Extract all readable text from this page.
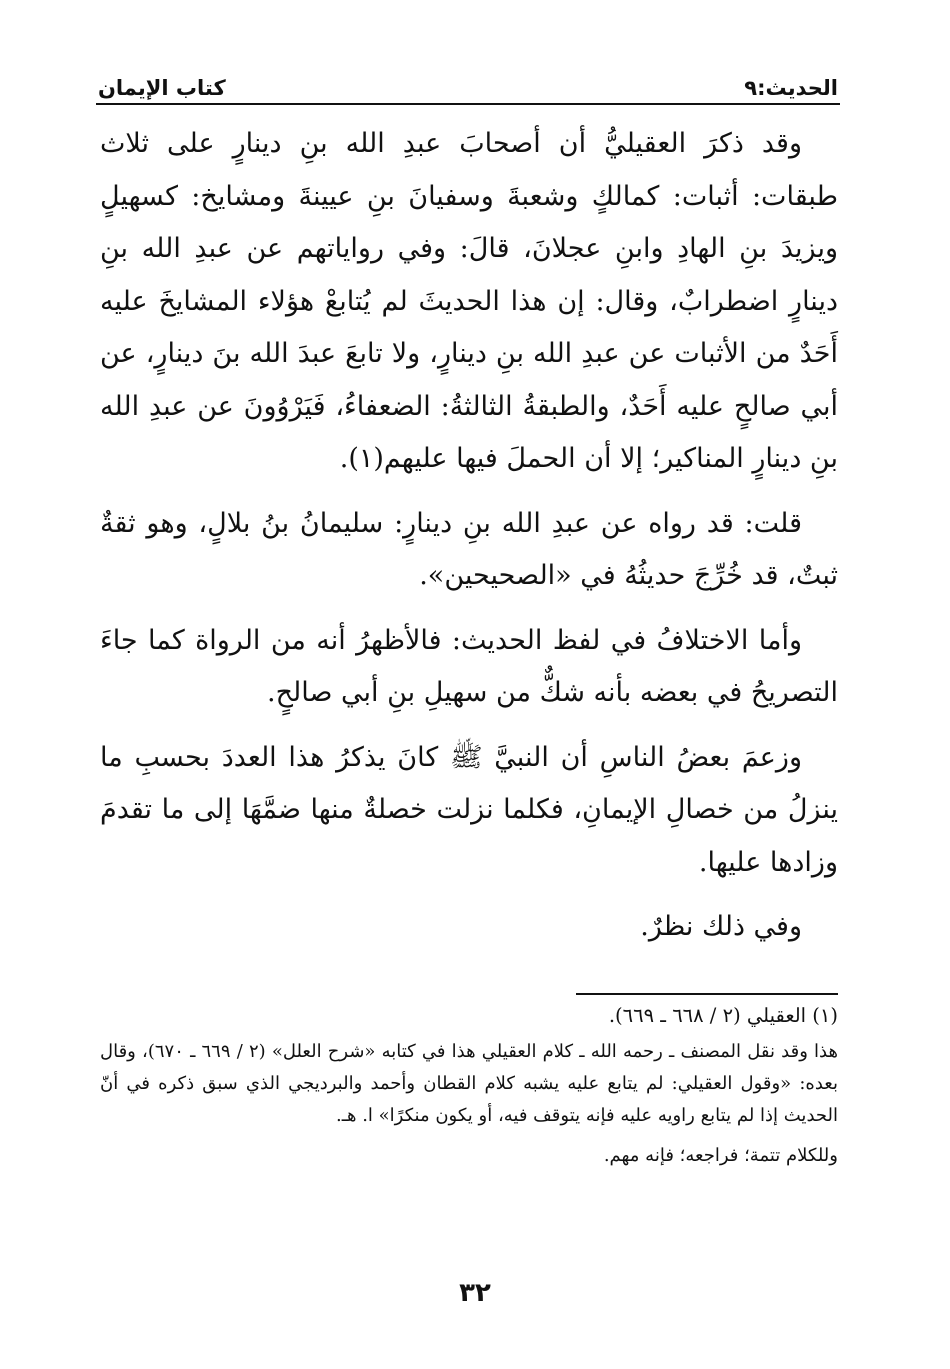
الحديث:٩
كتاب الإيمان

وقد ذكرَ العقيليُّ أن أصحابَ عبدِ الله بنِ دينارٍ على ثلاث طبقات: أثبات: كمالكٍ وشعبةَ وسفيانَ بنِ عيينةَ ومشايخ: كسهيلٍ ويزيدَ بنِ الهادِ وابنِ عجلانَ، قالَ: وفي رواياتهم عن عبدِ الله بنِ دينارٍ اضطرابٌ، وقال: إن هذا الحديثَ لم يُتابعْ هؤلاء المشايخَ عليه أَحَدٌ من الأثبات عن عبدِ الله بنِ دينارٍ، ولا تابعَ عبدَ الله بنَ دينارٍ، عن أبي صالحٍ عليه أَحَدٌ، والطبقةُ الثالثةُ: الضعفاءُ، فَيَرْوُونَ عن عبدِ الله بنِ دينارٍ المناكير؛ إلا أن الحملَ فيها عليهم(١).

قلت: قد رواه عن عبدِ الله بنِ دينارٍ: سليمانُ بنُ بلالٍ، وهو ثقةٌ ثبتٌ، قد خُرِّجَ حديثُهُ في «الصحيحين».

وأما الاختلافُ في لفظ الحديث: فالأظهرُ أنه من الرواة كما جاءَ التصريحُ في بعضه بأنه شكٌّ من سهيلِ بنِ أبي صالحٍ.

وزعمَ بعضُ الناسِ أن النبيَّ ﷺ كانَ يذكرُ هذا العددَ بحسبِ ما ينزلُ من خصالِ الإيمانِ، فكلما نزلت خصلةٌ منها ضمَّهَا إلى ما تقدمَ وزادها عليها.

وفي ذلك نظرٌ.

(١) العقيلي (٢ / ٦٦٨ ـ ٦٦٩).

هذا وقد نقل المصنف ـ رحمه الله ـ كلام العقيلي هذا في كتابه «شرح العلل» (٢ / ٦٦٩ ـ ٦٧٠)، وقال بعده: «وقول العقيلي: لم يتابع عليه يشبه كلام القطان وأحمد والبرديجي الذي سبق ذكره في أنّ الحديث إذا لم يتابع راويه عليه فإنه يتوقف فيه، أو يكون منكرًا» ا. هـ.

وللكلام تتمة؛ فراجعه؛ فإنه مهم.

٣٢
